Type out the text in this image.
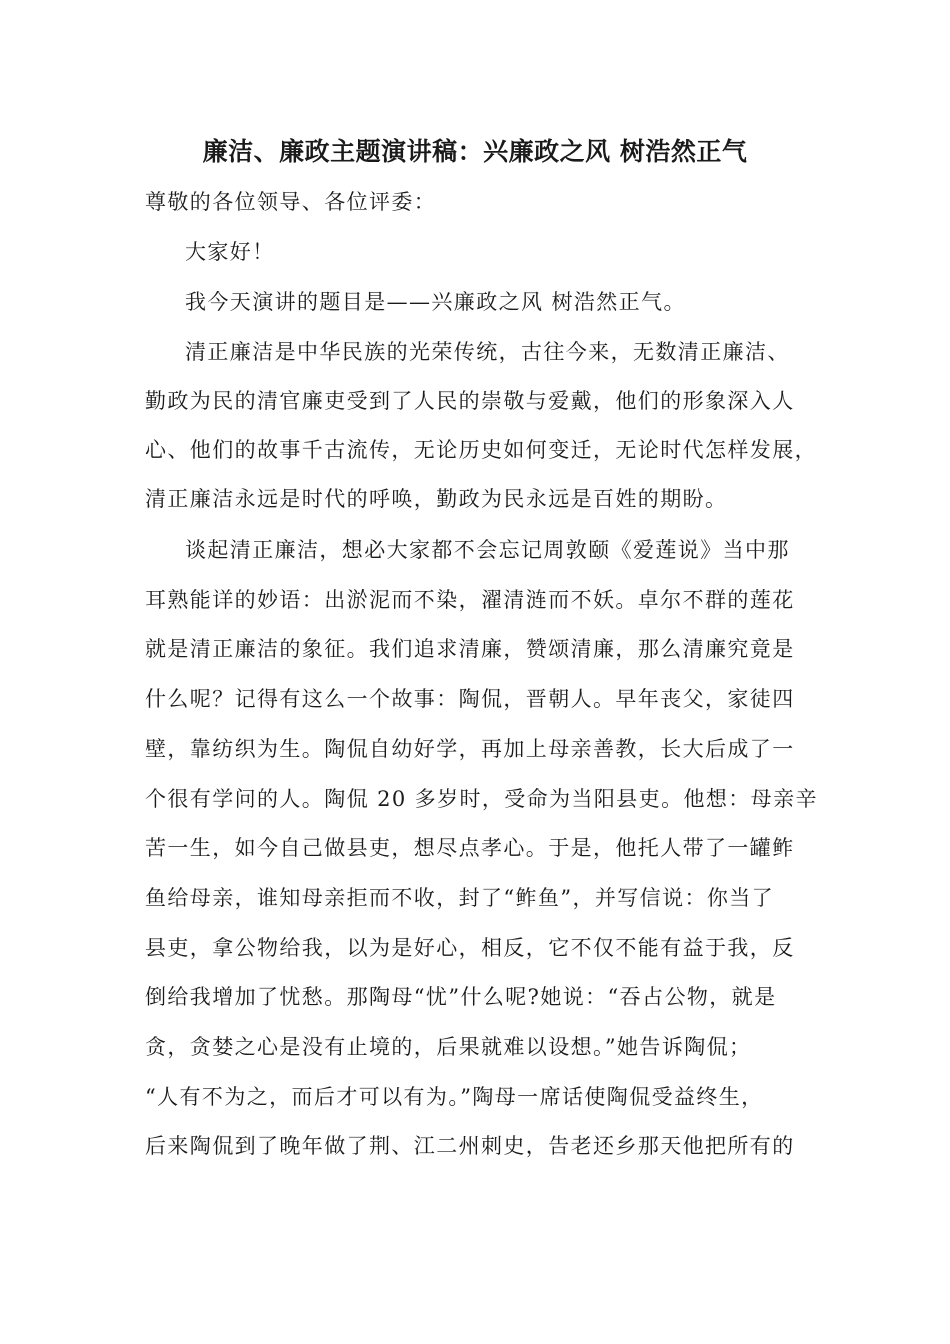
廉洁、廉政主题演讲稿：兴廉政之风 树浩然正气
尊敬的各位领导、各位评委：
大家好！
我今天演讲的题目是——兴廉政之风 树浩然正气。
清正廉洁是中华民族的光荣传统，古往今来，无数清正廉洁、
勤政为民的清官廉吏受到了人民的崇敬与爱戴，他们的形象深入人
心、他们的故事千古流传，无论历史如何变迁，无论时代怎样发展，
清正廉洁永远是时代的呼唤，勤政为民永远是百姓的期盼。
谈起清正廉洁，想必大家都不会忘记周敦颐《爱莲说》当中那
耳熟能详的妙语：出淤泥而不染，濯清涟而不妖。卓尔不群的莲花
就是清正廉洁的象征。我们追求清廉，赞颂清廉，那么清廉究竟是
什么呢？记得有这么一个故事：陶侃，晋朝人。早年丧父，家徒四
壁，靠纺织为生。陶侃自幼好学，再加上母亲善教，长大后成了一
个很有学问的人。陶侃 20 多岁时，受命为当阳县吏。他想：母亲辛
苦一生，如今自己做县吏，想尽点孝心。于是，他托人带了一罐鲊
鱼给母亲，谁知母亲拒而不收，封了“鲊鱼”，并写信说：你当了
县吏，拿公物给我，以为是好心，相反，它不仅不能有益于我，反
倒给我增加了忧愁。那陶母“忧”什么呢?她说：“吞占公物，就是
贪，贪婪之心是没有止境的，后果就难以设想。”她告诉陶侃；
“人有不为之，而后才可以有为。”陶母一席话使陶侃受益终生，
后来陶侃到了晚年做了荆、江二州刺史，告老还乡那天他把所有的
